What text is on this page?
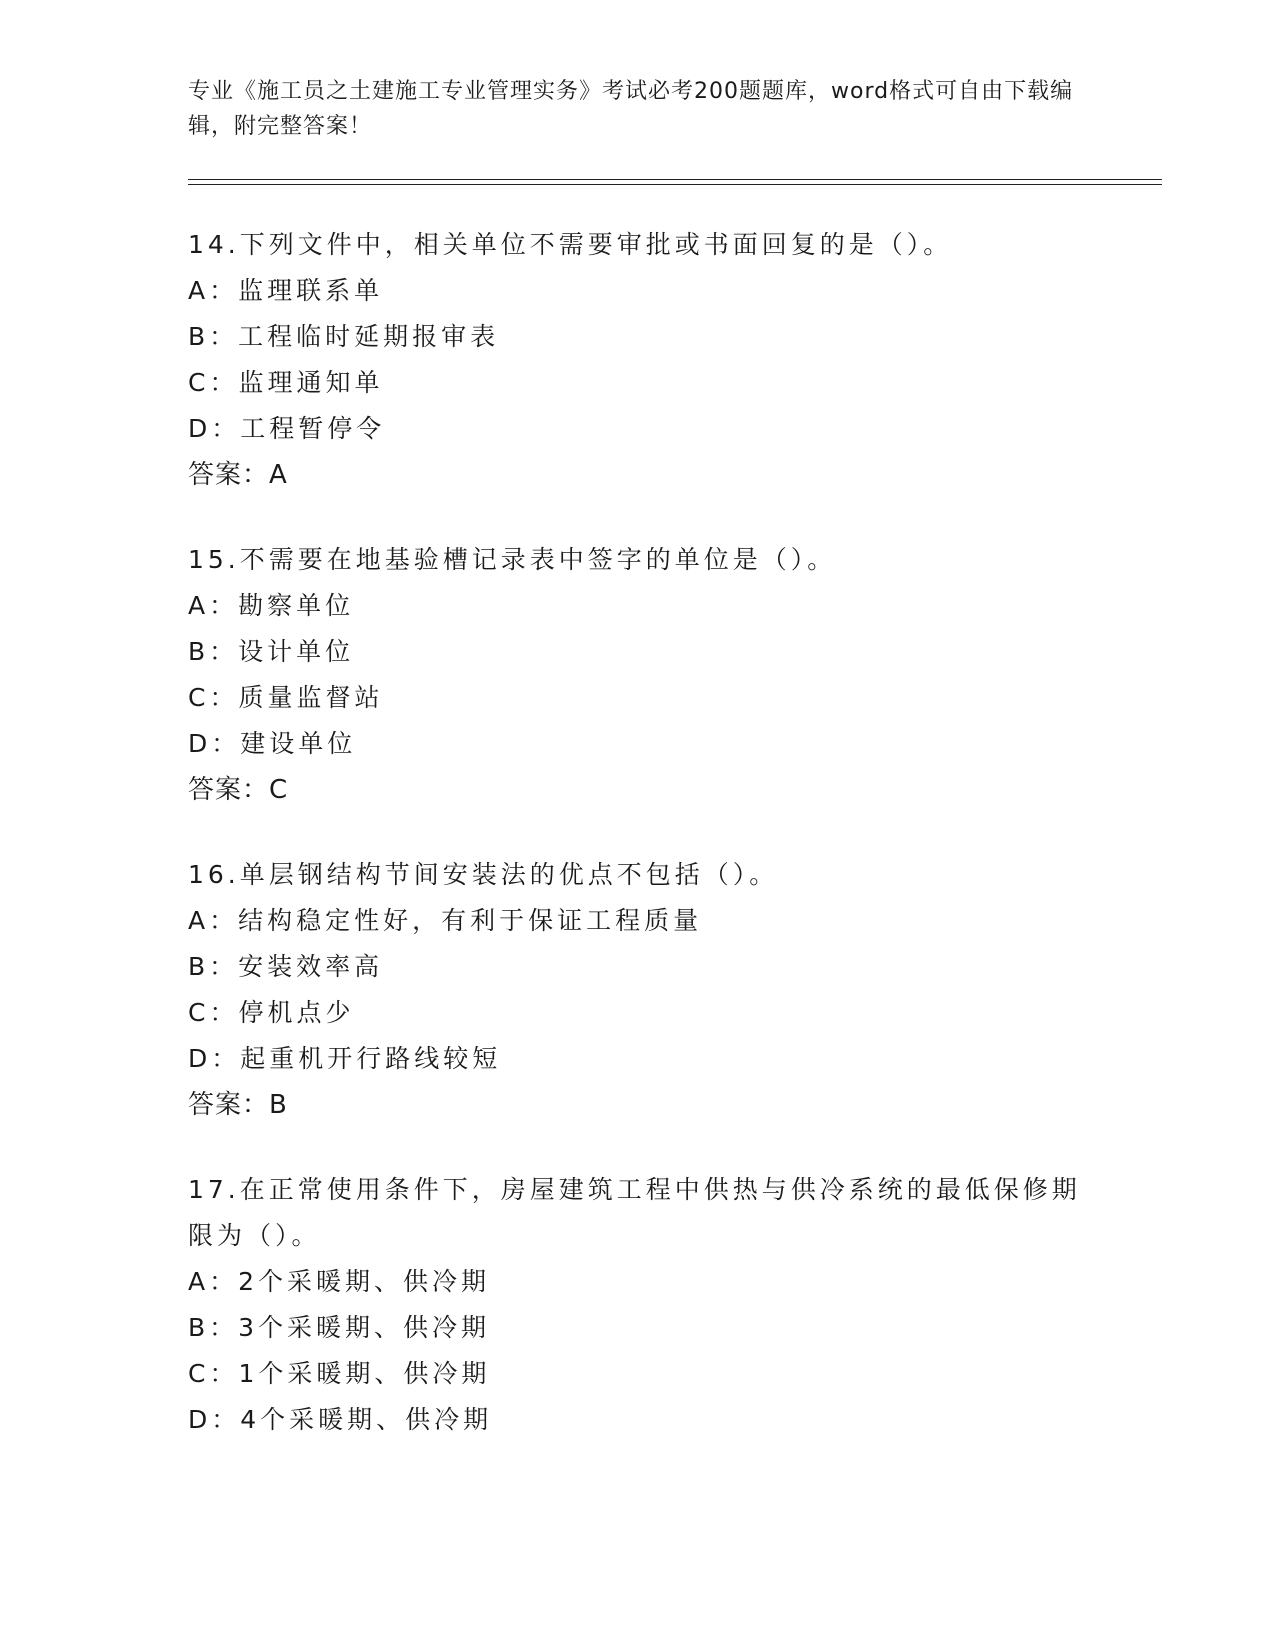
专业《施工员之土建施工专业管理实务》考试必考200题题库，word格式可自由下载编辑，附完整答案！
14.下列文件中，相关单位不需要审批或书面回复的是（）。
A：监理联系单
B：工程临时延期报审表
C：监理通知单
D：工程暂停令
答案：A
15.不需要在地基验槽记录表中签字的单位是（）。
A：勘察单位
B：设计单位
C：质量监督站
D：建设单位
答案：C
16.单层钢结构节间安装法的优点不包括（）。
A：结构稳定性好，有利于保证工程质量
B：安装效率高
C：停机点少
D：起重机开行路线较短
答案：B
17.在正常使用条件下，房屋建筑工程中供热与供冷系统的最低保修期限为（）。
A：2个采暖期、供冷期
B：3个采暖期、供冷期
C：1个采暖期、供冷期
D：4个采暖期、供冷期
